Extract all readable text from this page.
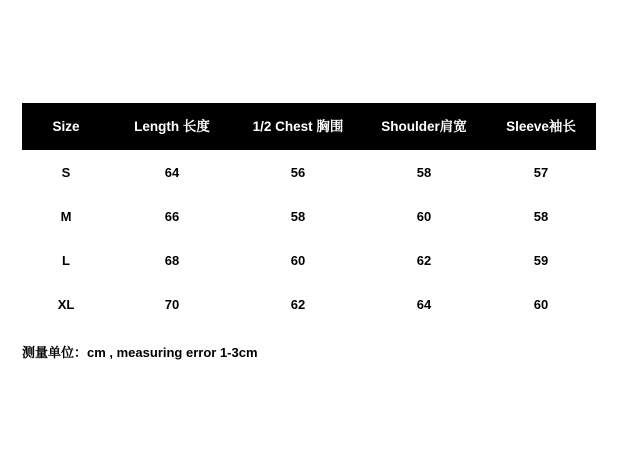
Size	Length 长度	1/2 Chest 胸围	Shoulder肩宽	Sleeve袖长
S	64	56	58	57
M	66	58	60	58
L	68	60	62	59
XL	70	62	64	60
测量单位：cm , measuring error 1-3cm
